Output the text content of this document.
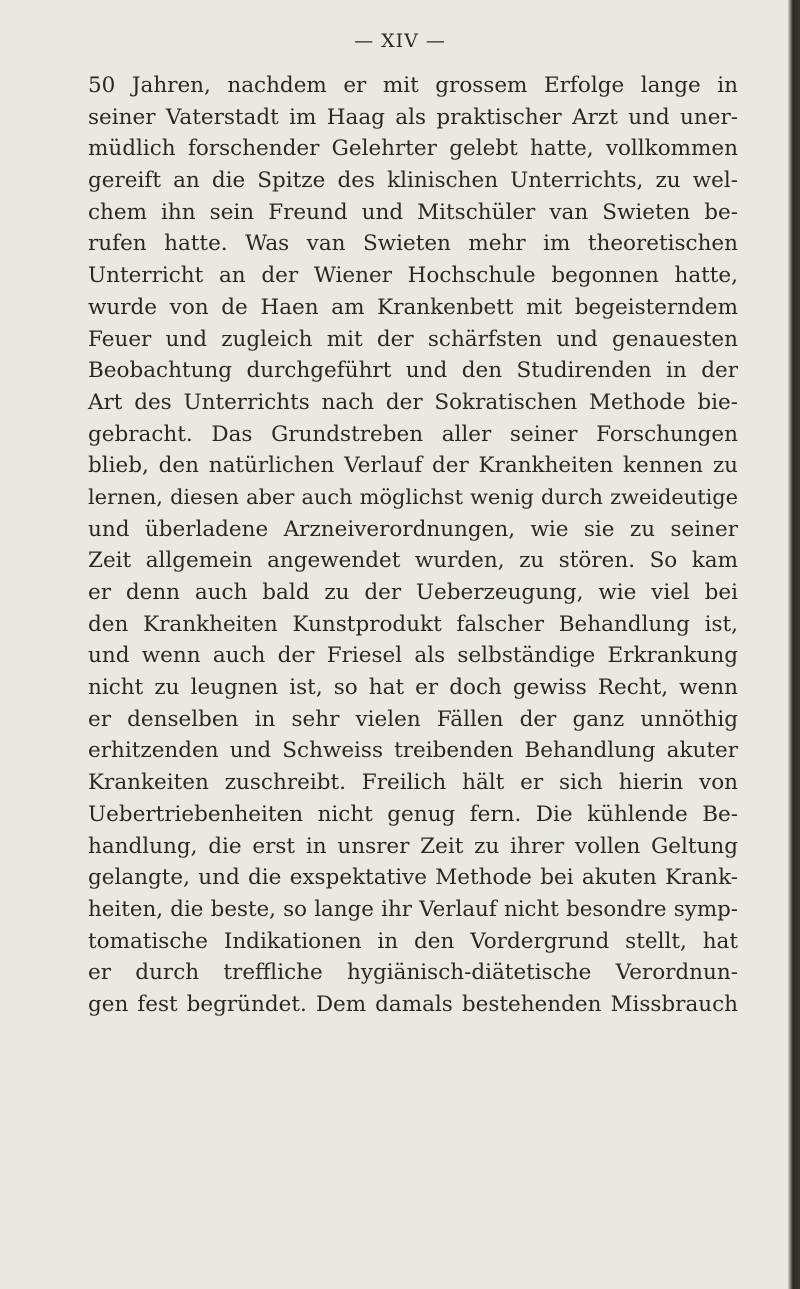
— XIV —
50 Jahren, nachdem er mit grossem Erfolge lange in
seiner Vaterstadt im Haag als praktischer Arzt und uner-
müdlich forschender Gelehrter gelebt hatte, vollkommen
gereift an die Spitze des klinischen Unterrichts, zu wel-
chem ihn sein Freund und Mitschüler van Swieten be-
rufen hatte. Was van Swieten mehr im theoretischen
Unterricht an der Wiener Hochschule begonnen hatte,
wurde von de Haen am Krankenbett mit begeisterndem
Feuer und zugleich mit der schärfsten und genauesten
Beobachtung durchgeführt und den Studirenden in der
Art des Unterrichts nach der Sokratischen Methode bie-
gebracht. Das Grundstreben aller seiner Forschungen
blieb, den natürlichen Verlauf der Krankheiten kennen zu
lernen, diesen aber auch möglichst wenig durch zweideutige
und überladene Arzneiverordnungen, wie sie zu seiner
Zeit allgemein angewendet wurden, zu stören. So kam
er denn auch bald zu der Ueberzeugung, wie viel bei
den Krankheiten Kunstprodukt falscher Behandlung ist,
und wenn auch der Friesel als selbständige Erkrankung
nicht zu leugnen ist, so hat er doch gewiss Recht, wenn
er denselben in sehr vielen Fällen der ganz unnöthig
erhitzenden und Schweiss treibenden Behandlung akuter
Krankeiten zuschreibt. Freilich hält er sich hierin von
Uebertriebenheiten nicht genug fern. Die kühlende Be-
handlung, die erst in unsrer Zeit zu ihrer vollen Geltung
gelangte, und die exspektative Methode bei akuten Krank-
heiten, die beste, so lange ihr Verlauf nicht besondre symp-
tomatische Indikationen in den Vordergrund stellt, hat
er durch treffliche hygiänisch-diätetische Verordnun-
gen fest begründet. Dem damals bestehenden Missbrauch
